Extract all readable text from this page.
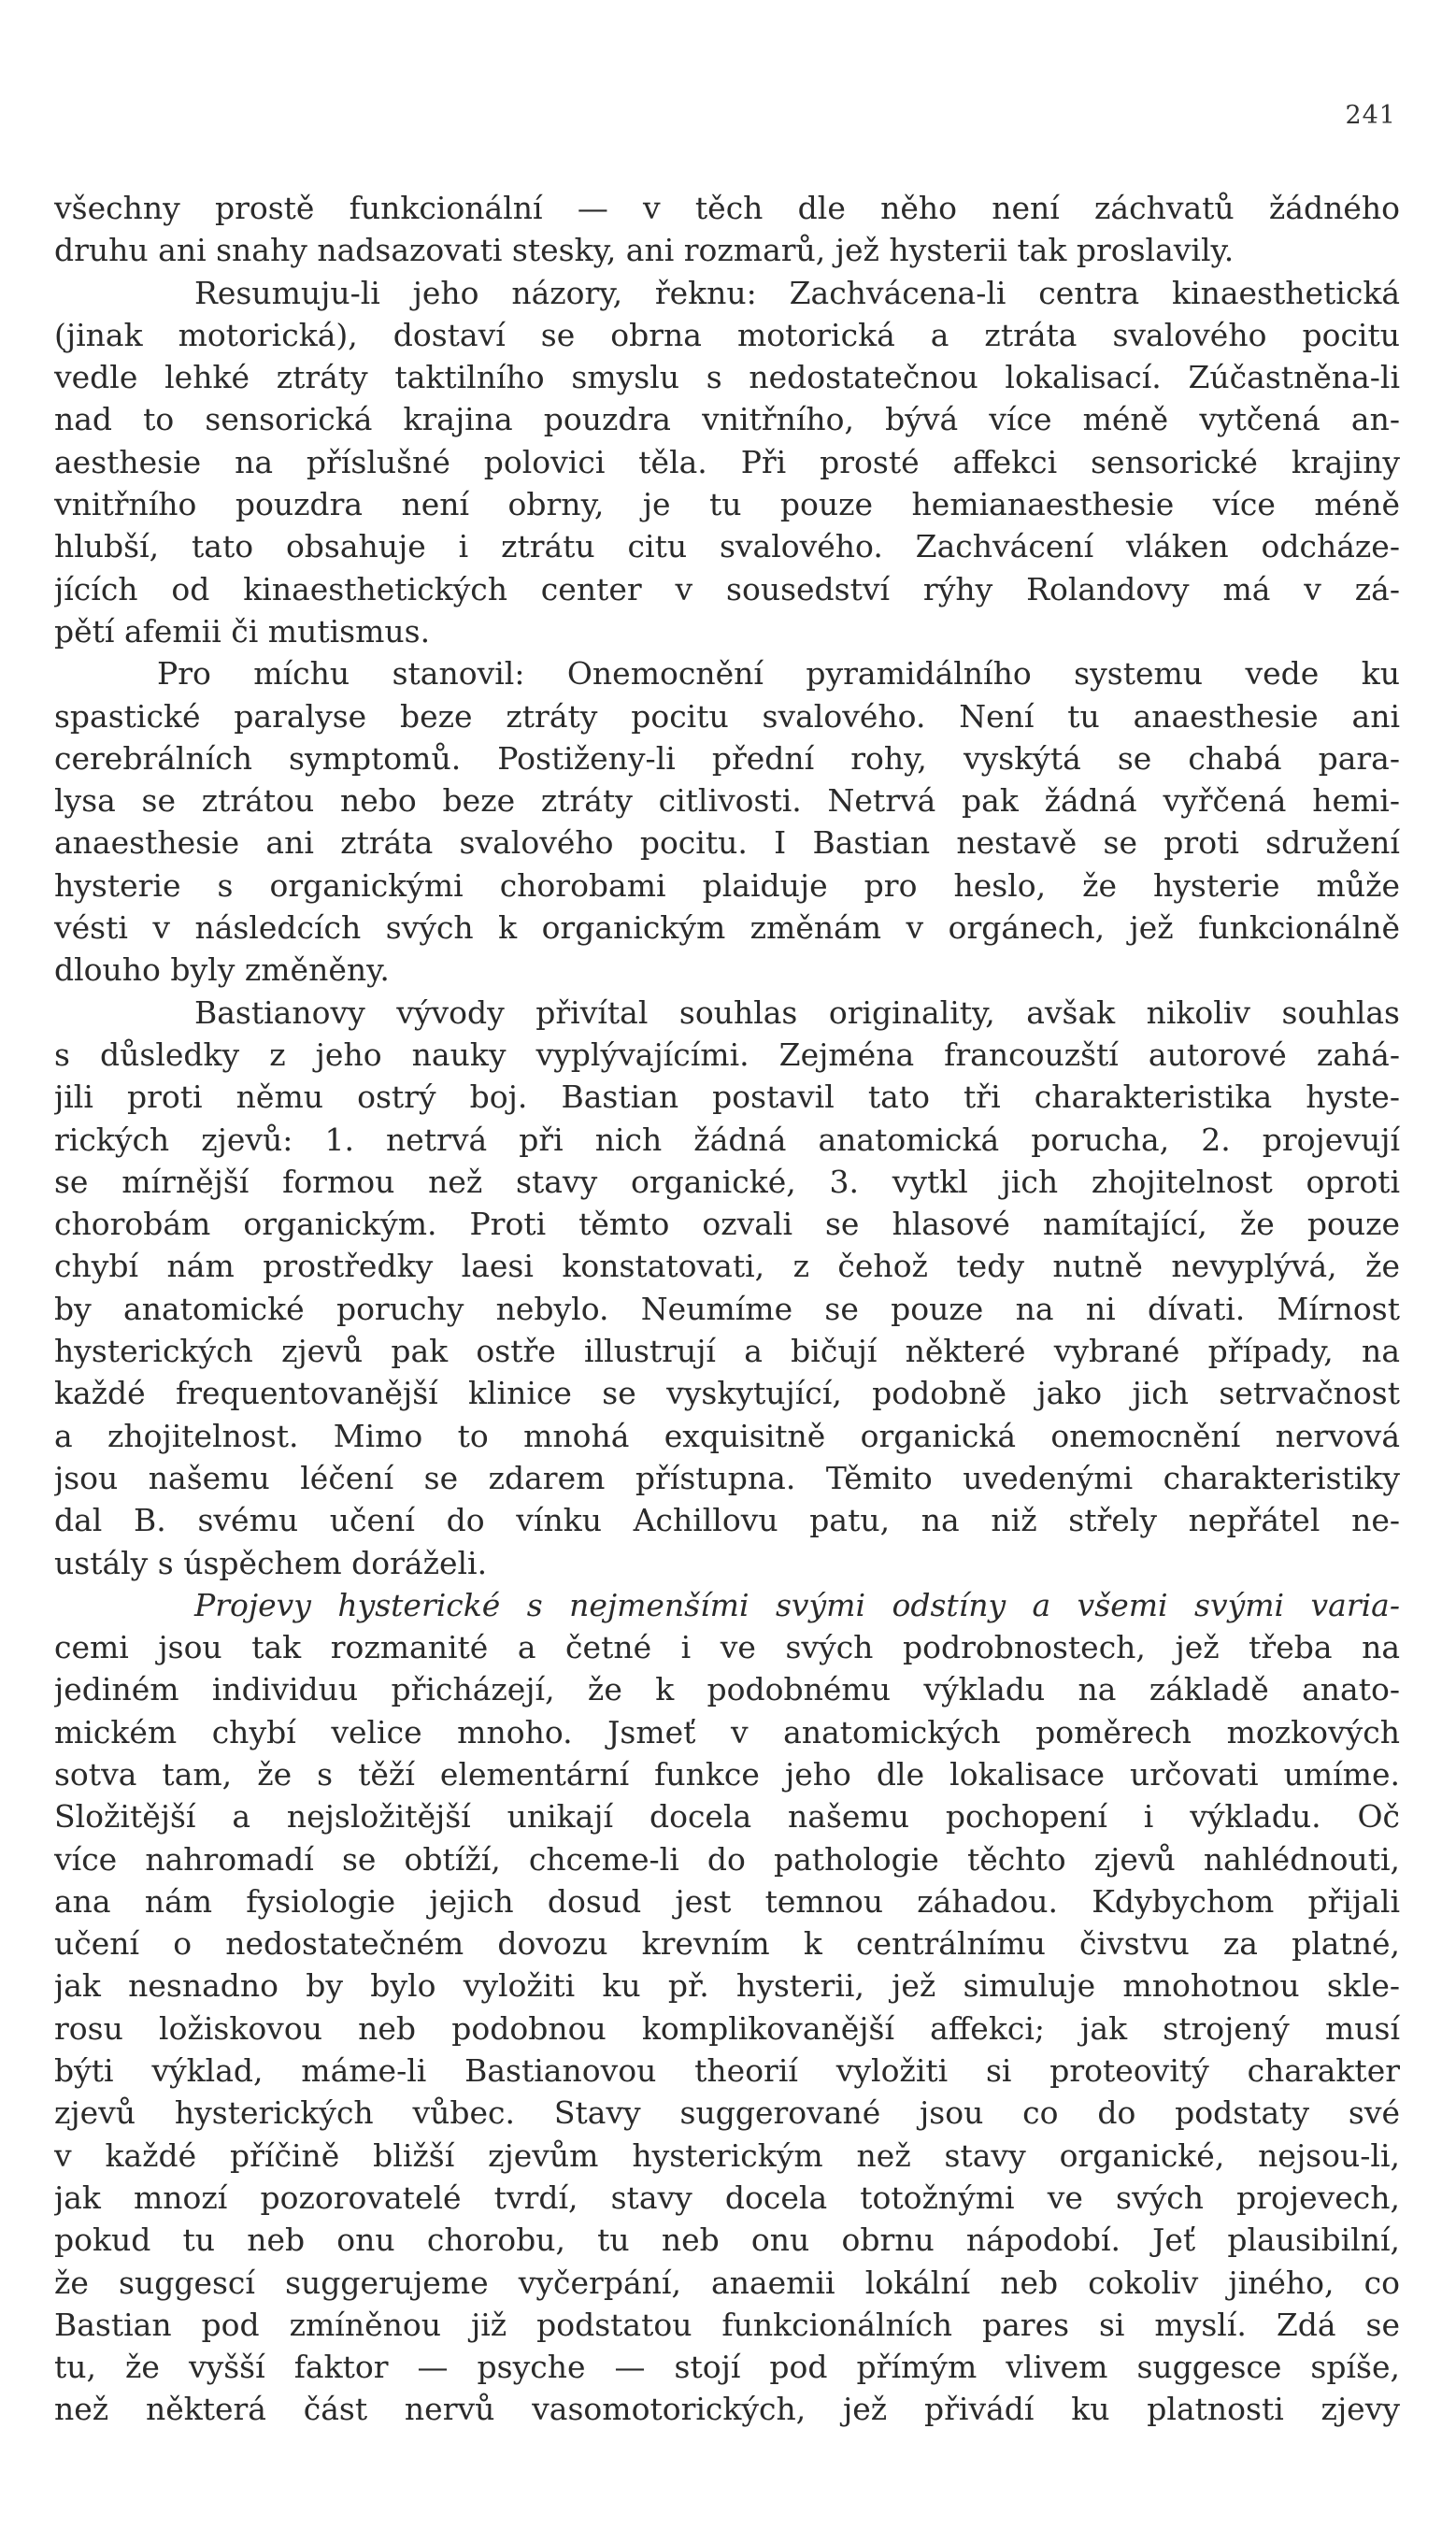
241
všechny prostě funkcionální — v těch dle něho není záchvatů žádného
druhu ani snahy nadsazovati stesky, ani rozmarů, jež hysterii tak proslavily.
Resumuju-li jeho názory, řeknu: Zachvácena-li centra kinaesthetická
(jinak motorická), dostaví se obrna motorická a ztráta svalového pocitu
vedle lehké ztráty taktilního smyslu s nedostatečnou lokalisací. Zúčastněna-li
nad to sensorická krajina pouzdra vnitřního, bývá více méně vytčená an-
aesthesie na příslušné polovici těla. Při prosté affekci sensorické krajiny
vnitřního pouzdra není obrny, je tu pouze hemianaesthesie více méně
hlubší, tato obsahuje i ztrátu citu svalového. Zachvácení vláken odcháze-
jících od kinaesthetických center v sousedství rýhy Rolandovy má v zá-
pětí afemii či mutismus.
Pro míchu stanovil: Onemocnění pyramidálního systemu vede ku
spastické paralyse beze ztráty pocitu svalového. Není tu anaesthesie ani
cerebrálních symptomů. Postiženy-li přední rohy, vyskýtá se chabá para-
lysa se ztrátou nebo beze ztráty citlivosti. Netrvá pak žádná vyřčená hemi-
anaesthesie ani ztráta svalového pocitu. I Bastian nestavě se proti sdružení
hysterie s organickými chorobami plaiduje pro heslo, že hysterie může
vésti v následcích svých k organickým změnám v orgánech, jež funkcionálně
dlouho byly změněny.
Bastianovy vývody přivítal souhlas originality, avšak nikoliv souhlas
s důsledky z jeho nauky vyplývajícími. Zejména francouzští autorové zahá-
jili proti němu ostrý boj. Bastian postavil tato tři charakteristika hyste-
rických zjevů: 1. netrvá při nich žádná anatomická porucha, 2. projevují
se mírnější formou než stavy organické, 3. vytkl jich zhojitelnost oproti
chorobám organickým. Proti těmto ozvali se hlasové namítající, že pouze
chybí nám prostředky laesi konstatovati, z čehož tedy nutně nevyplývá, že
by anatomické poruchy nebylo. Neumíme se pouze na ni dívati. Mírnost
hysterických zjevů pak ostře illustrují a bičují některé vybrané případy, na
každé frequentovanější klinice se vyskytující, podobně jako jich setrvačnost
a zhojitelnost. Mimo to mnohá exquisitně organická onemocnění nervová
jsou našemu léčení se zdarem přístupna. Těmito uvedenými charakteristiky
dal B. svému učení do vínku Achillovu patu, na niž střely nepřátel ne-
ustály s úspěchem doráželi.
Projevy hysterické s nejmenšími svými odstíny a všemi svými varia-
cemi jsou tak rozmanité a četné i ve svých podrobnostech, jež třeba na
jediném individuu přicházejí, že k podobnému výkladu na základě anato-
mickém chybí velice mnoho. Jsmeť v anatomických poměrech mozkových
sotva tam, že s těží elementární funkce jeho dle lokalisace určovati umíme.
Složitější a nejsložitější unikají docela našemu pochopení i výkladu. Oč
více nahromadí se obtíží, chceme-li do pathologie těchto zjevů nahlédnouti,
ana nám fysiologie jejich dosud jest temnou záhadou. Kdybychom přijali
učení o nedostatečném dovozu krevním k centrálnímu čivstvu za platné,
jak nesnadno by bylo vyložiti ku př. hysterii, jež simuluje mnohotnou skle-
rosu ložiskovou neb podobnou komplikovanější affekci; jak strojený musí
býti výklad, máme-li Bastianovou theorií vyložiti si proteovitý charakter
zjevů hysterických vůbec. Stavy suggerované jsou co do podstaty své
v každé příčině bližší zjevům hysterickým než stavy organické, nejsou-li,
jak mnozí pozorovatelé tvrdí, stavy docela totožnými ve svých projevech,
pokud tu neb onu chorobu, tu neb onu obrnu nápodobí. Jeť plausibilní,
že suggescí suggerujeme vyčerpání, anaemii lokální neb cokoliv jiného, co
Bastian pod zmíněnou již podstatou funkcionálních pares si myslí. Zdá se
tu, že vyšší faktor — psyche — stojí pod přímým vlivem suggesce spíše,
než některá část nervů vasomotorických, jež přivádí ku platnosti zjevy
